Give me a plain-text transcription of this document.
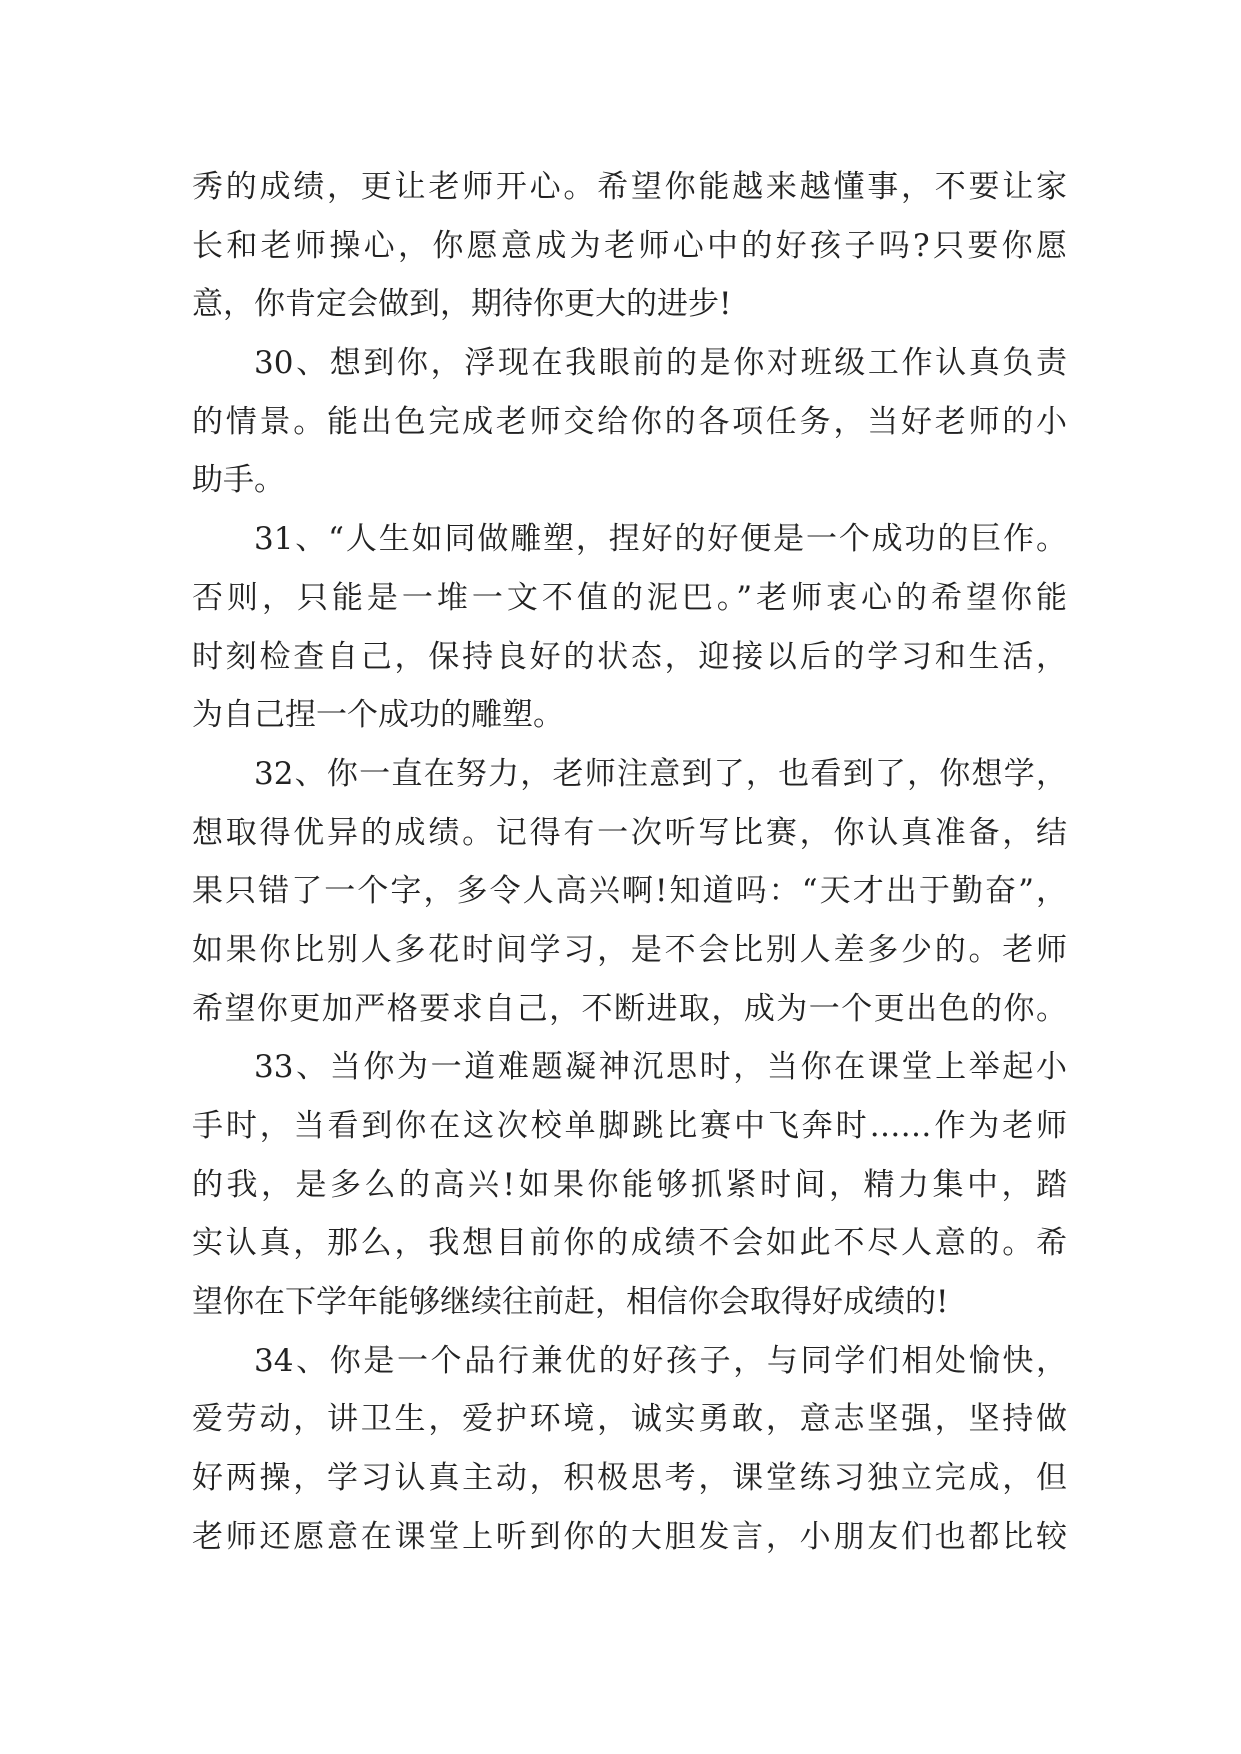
秀的成绩，更让老师开心。希望你能越来越懂事，不要让家
长和老师操心，你愿意成为老师心中的好孩子吗?只要你愿
意，你肯定会做到，期待你更大的进步!
30、想到你，浮现在我眼前的是你对班级工作认真负责
的情景。能出色完成老师交给你的各项任务，当好老师的小
助手。
31、“人生如同做雕塑，捏好的好便是一个成功的巨作。
否则，只能是一堆一文不值的泥巴。”老师衷心的希望你能
时刻检查自己，保持良好的状态，迎接以后的学习和生活，
为自己捏一个成功的雕塑。
32、你一直在努力，老师注意到了，也看到了，你想学，
想取得优异的成绩。记得有一次听写比赛，你认真准备，结
果只错了一个字，多令人高兴啊!知道吗：“天才出于勤奋”，
如果你比别人多花时间学习，是不会比别人差多少的。老师
希望你更加严格要求自己，不断进取，成为一个更出色的你。
33、当你为一道难题凝神沉思时，当你在课堂上举起小
手时，当看到你在这次校单脚跳比赛中飞奔时……作为老师
的我，是多么的高兴!如果你能够抓紧时间，精力集中，踏
实认真，那么，我想目前你的成绩不会如此不尽人意的。希
望你在下学年能够继续往前赶，相信你会取得好成绩的!
34、你是一个品行兼优的好孩子，与同学们相处愉快，
爱劳动，讲卫生，爱护环境，诚实勇敢，意志坚强，坚持做
好两操，学习认真主动，积极思考，课堂练习独立完成，但
老师还愿意在课堂上听到你的大胆发言，小朋友们也都比较
